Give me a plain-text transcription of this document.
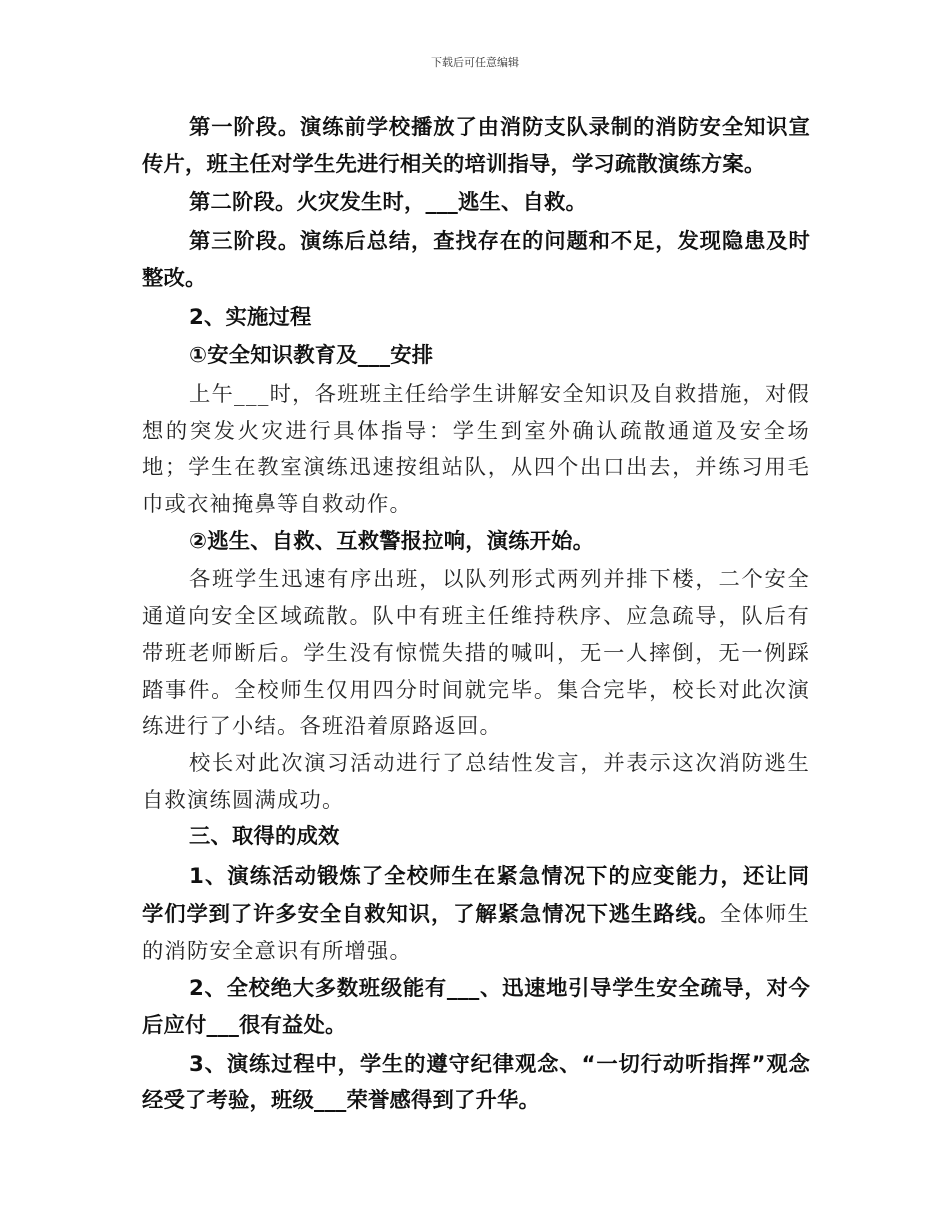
下载后可任意编辑

第一阶段。演练前学校播放了由消防支队录制的消防安全知识宣传片，班主任对学生先进行相关的培训指导，学习疏散演练方案。

第二阶段。火灾发生时，___逃生、自救。

第三阶段。演练后总结，查找存在的问题和不足，发现隐患及时整改。

2、实施过程

①安全知识教育及___安排

上午___时，各班班主任给学生讲解安全知识及自救措施，对假想的突发火灾进行具体指导：学生到室外确认疏散通道及安全场地；学生在教室演练迅速按组站队，从四个出口出去，并练习用毛巾或衣袖掩鼻等自救动作。

②逃生、自救、互救警报拉响，演练开始。

各班学生迅速有序出班，以队列形式两列并排下楼，二个安全通道向安全区域疏散。队中有班主任维持秩序、应急疏导，队后有带班老师断后。学生没有惊慌失措的喊叫，无一人摔倒，无一例踩踏事件。全校师生仅用四分时间就完毕。集合完毕，校长对此次演练进行了小结。各班沿着原路返回。

校长对此次演习活动进行了总结性发言，并表示这次消防逃生自救演练圆满成功。

三、取得的成效

1、演练活动锻炼了全校师生在紧急情况下的应变能力，还让同学们学到了许多安全自救知识，了解紧急情况下逃生路线。全体师生的消防安全意识有所增强。

2、全校绝大多数班级能有___、迅速地引导学生安全疏导，对今后应付___很有益处。

3、演练过程中，学生的遵守纪律观念、“一切行动听指挥”观念经受了考验，班级___荣誉感得到了升华。
